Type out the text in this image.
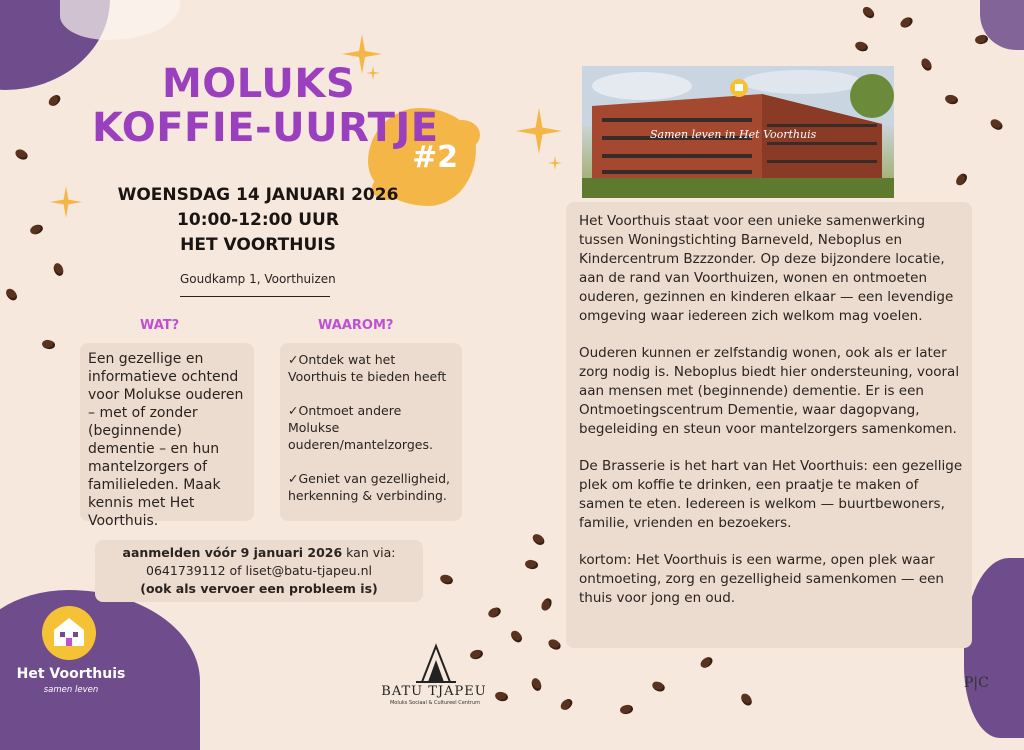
MOLUKS
KOFFIE-UURTJE
#2
WOENSDAG 14 JANUARI 2026
10:00-12:00 UUR
HET VOORTHUIS
Goudkamp 1, Voorthuizen
WAT?
Een gezellige en informatieve ochtend voor Molukse ouderen – met of zonder (beginnende) dementie – en hun mantelzorgers of familieleden. Maak kennis met Het Voorthuis.
WAAROM?
✓Ontdek wat het Voorthuis te bieden heeft
✓Ontmoet andere Molukse ouderen/mantelzorges.
✓Geniet van gezelligheid, herkenning & verbinding.
aanmelden vóór 9 januari 2026 kan via:
0641739112 of liset@batu-tjapeu.nl
(ook als vervoer een probleem is)
Samen leven in Het Voorthuis

Het Voorthuis staat voor een unieke samenwerking tussen Woningstichting Barneveld, Neboplus en Kindercentrum Bzzzonder. Op deze bijzondere locatie, aan de rand van Voorthuizen, wonen en ontmoeten ouderen, gezinnen en kinderen elkaar — een levendige omgeving waar iedereen zich welkom mag voelen.

Ouderen kunnen er zelfstandig wonen, ook als er later zorg nodig is. Neboplus biedt hier ondersteuning, vooral aan mensen met (beginnende) dementie. Er is een Ontmoetingscentrum Dementie, waar dagopvang, begeleiding en steun voor mantelzorgers samenkomen.

De Brasserie is het hart van Het Voorthuis: een gezellige plek om koffie te drinken, een praatje te maken of samen te eten. Iedereen is welkom — buurtbewoners, familie, vrienden en bezoekers.

kortom: Het Voorthuis is een warme, open plek waar ontmoeting, zorg en gezelligheid samenkomen — een thuis voor jong en oud.

Het Voorthuis
samen leven	BATU TJAPEU
Moluks Sociaal & Cultureel Centrum
P|C
